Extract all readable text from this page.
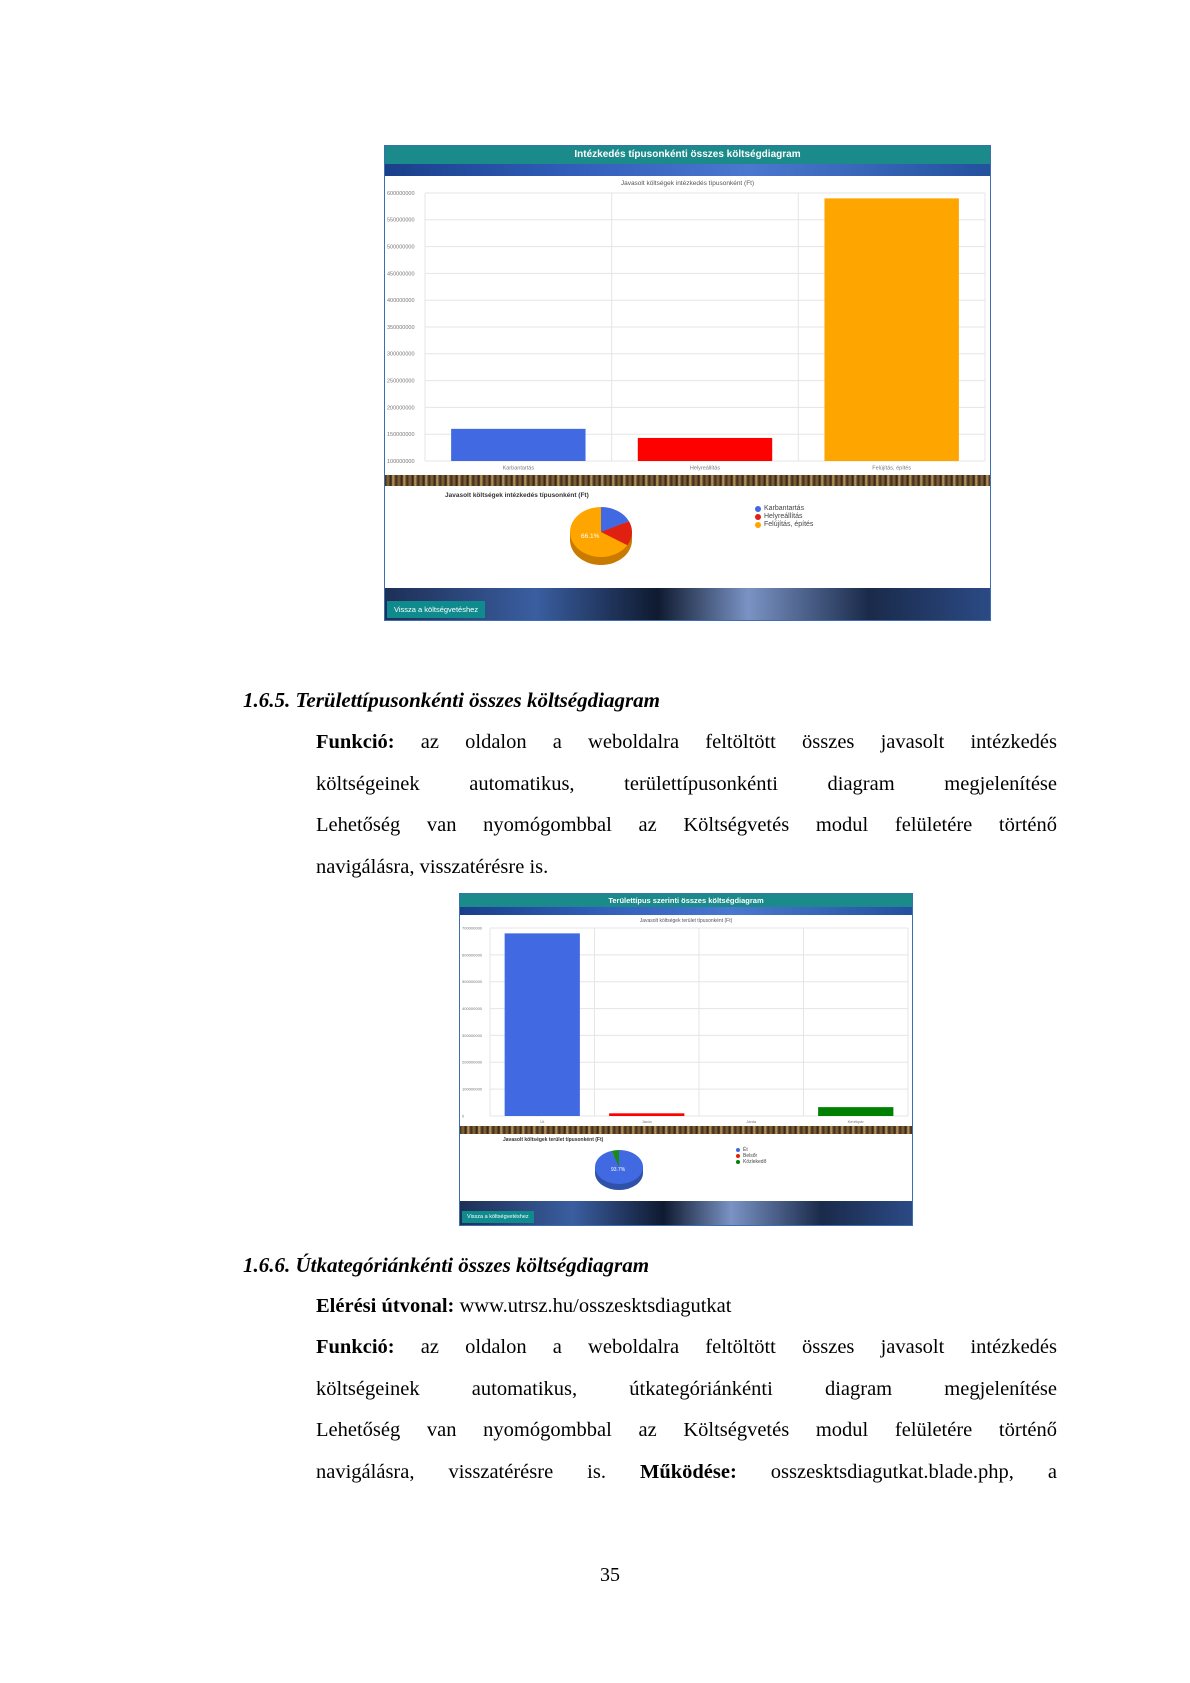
Intézkedés típusonkénti összes költségdiagram
Javasolt költségek intézkedés típusonként (Ft)
600000000
550000000
500000000
450000000
400000000
350000000
300000000
250000000
200000000
150000000
100000000
Karbantartás	Helyreállítás	Felújítás, építés
Javasolt költségek intézkedés típusonként (Ft)
66.1%
Karbantartás
Helyreállítás
Felújítás, építés
Vissza a költségvetéshez
1.6.5. Területtípusonkénti összes költségdiagram
Funkció: az oldalon a weboldalra feltöltött összes javasolt intézkedés
költségeinek automatikus, területtípusonkénti diagram megjelenítése
Lehetőség van nyomógombbal az Költségvetés modul felületére történő
navigálásra, visszatérésre is.
Területtípus szerinti összes költségdiagram
Javasolt költségek terület típusonként (Ft)
700000000
600000000
500000000
400000000
300000000
200000000
100000000
0
Út	Járda	Járda	Kerékpár
Javasolt költségek terület típusonként (Ft)
93.7%
Ét
Belsőr
Közlekedő
Vissza a költségvetéshez
1.6.6. Útkategóriánkénti összes költségdiagram
Elérési útvonal: www.utrsz.hu/osszesktsdiagutkat
Funkció: az oldalon a weboldalra feltöltött összes javasolt intézkedés
költségeinek automatikus, útkategóriánkénti diagram megjelenítése
Lehetőség van nyomógombbal az Költségvetés modul felületére történő
navigálásra, visszatérésre is. Működése: osszesktsdiagutkat.blade.php, a
35
